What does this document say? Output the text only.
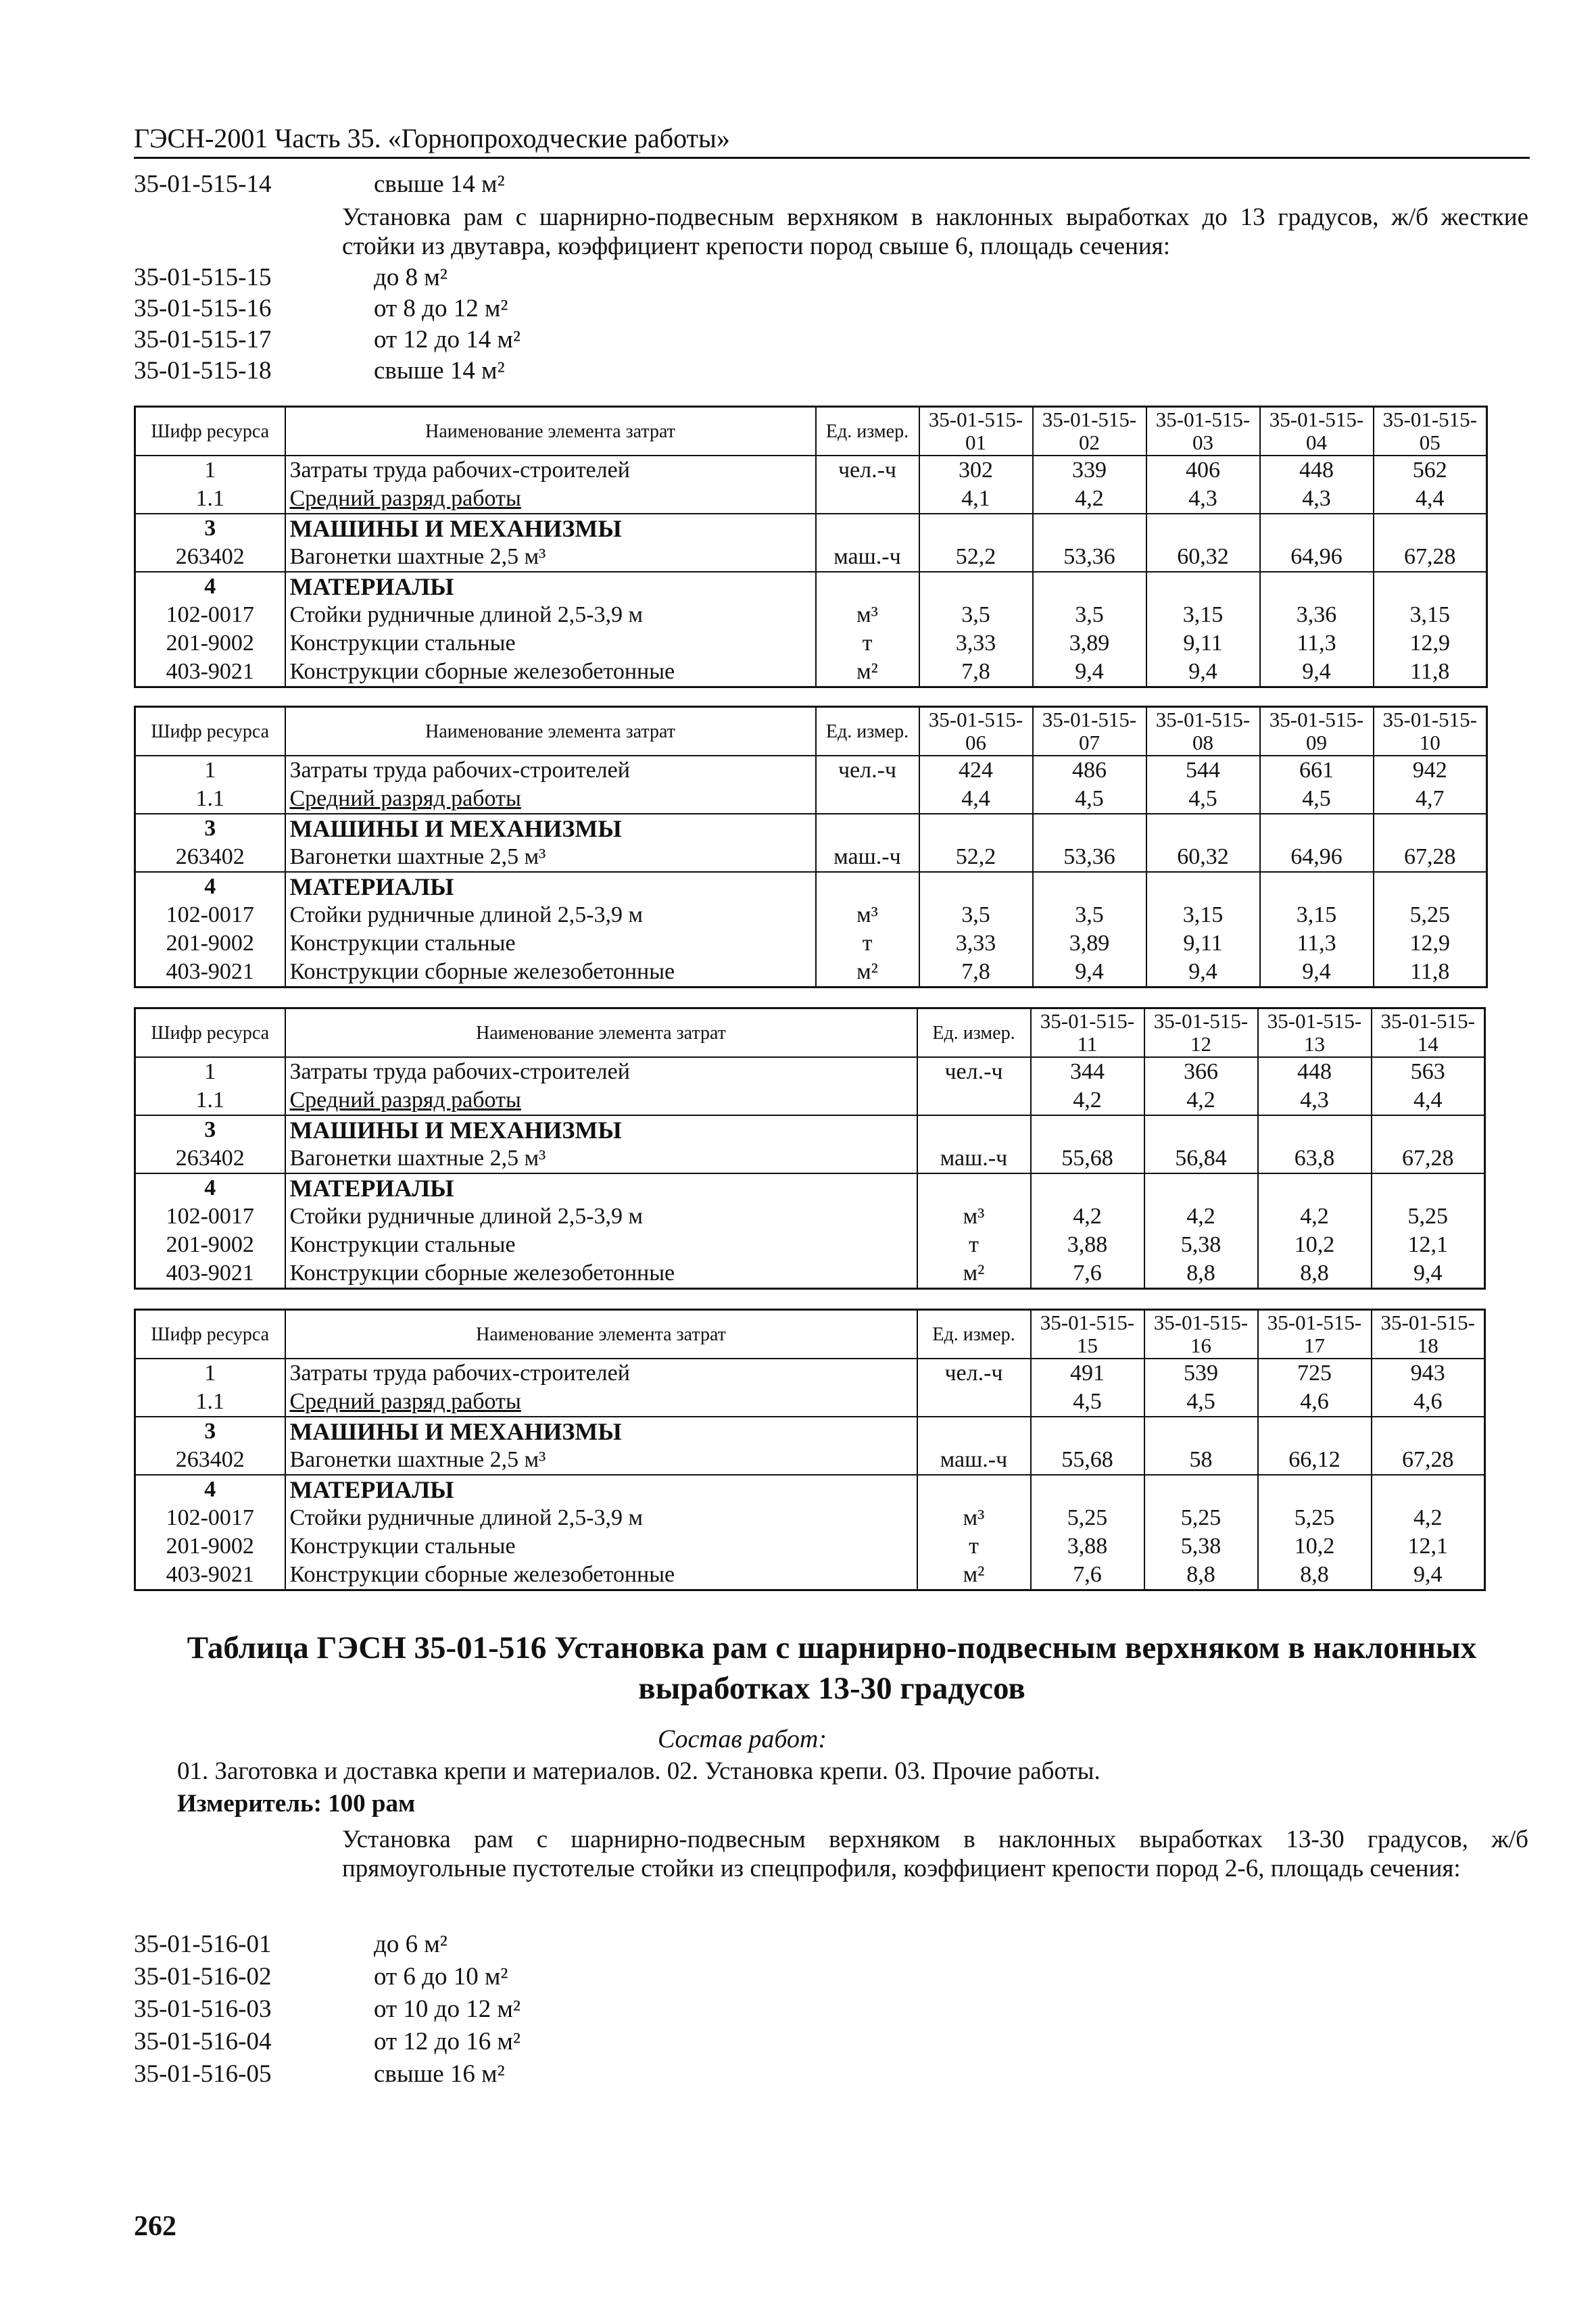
ГЭСН-2001 Часть 35. «Горнопроходческие работы»
35-01-515-14	свыше 14 м²
Установка рам с шарнирно-подвесным верхняком в наклонных выработках до 13 градусов, ж/б жесткие стойки из двутавра, коэффициент крепости пород свыше 6, площадь сечения:
35-01-515-15	до 8 м²
35-01-515-16	от 8 до 12 м²
35-01-515-17	от 12 до 14 м²
35-01-515-18	свыше 14 м²
Шифр ресурса	Наименование элемента затрат	Ед. измер.	35-01-515-01	35-01-515-02	35-01-515-03	35-01-515-04	35-01-515-05
1	Затраты труда рабочих-строителей	чел.-ч	302	339	406	448	562
1.1	Средний разряд работы		4,1	4,2	4,3	4,3	4,4
3	МАШИНЫ И МЕХАНИЗМЫ						
263402	Вагонетки шахтные 2,5 м³	маш.-ч	52,2	53,36	60,32	64,96	67,28
4	МАТЕРИАЛЫ						
102-0017	Стойки рудничные длиной 2,5-3,9 м	м³	3,5	3,5	3,15	3,36	3,15
201-9002	Конструкции стальные	т	3,33	3,89	9,11	11,3	12,9
403-9021	Конструкции сборные железобетонные	м²	7,8	9,4	9,4	9,4	11,8
Шифр ресурса	Наименование элемента затрат	Ед. измер.	35-01-515-06	35-01-515-07	35-01-515-08	35-01-515-09	35-01-515-10
1	Затраты труда рабочих-строителей	чел.-ч	424	486	544	661	942
1.1	Средний разряд работы		4,4	4,5	4,5	4,5	4,7
3	МАШИНЫ И МЕХАНИЗМЫ						
263402	Вагонетки шахтные 2,5 м³	маш.-ч	52,2	53,36	60,32	64,96	67,28
4	МАТЕРИАЛЫ						
102-0017	Стойки рудничные длиной 2,5-3,9 м	м³	3,5	3,5	3,15	3,15	5,25
201-9002	Конструкции стальные	т	3,33	3,89	9,11	11,3	12,9
403-9021	Конструкции сборные железобетонные	м²	7,8	9,4	9,4	9,4	11,8
Шифр ресурса	Наименование элемента затрат	Ед. измер.	35-01-515-11	35-01-515-12	35-01-515-13	35-01-515-14
1	Затраты труда рабочих-строителей	чел.-ч	344	366	448	563
1.1	Средний разряд работы		4,2	4,2	4,3	4,4
3	МАШИНЫ И МЕХАНИЗМЫ					
263402	Вагонетки шахтные 2,5 м³	маш.-ч	55,68	56,84	63,8	67,28
4	МАТЕРИАЛЫ					
102-0017	Стойки рудничные длиной 2,5-3,9 м	м³	4,2	4,2	4,2	5,25
201-9002	Конструкции стальные	т	3,88	5,38	10,2	12,1
403-9021	Конструкции сборные железобетонные	м²	7,6	8,8	8,8	9,4
Шифр ресурса	Наименование элемента затрат	Ед. измер.	35-01-515-15	35-01-515-16	35-01-515-17	35-01-515-18
1	Затраты труда рабочих-строителей	чел.-ч	491	539	725	943
1.1	Средний разряд работы		4,5	4,5	4,6	4,6
3	МАШИНЫ И МЕХАНИЗМЫ					
263402	Вагонетки шахтные 2,5 м³	маш.-ч	55,68	58	66,12	67,28
4	МАТЕРИАЛЫ					
102-0017	Стойки рудничные длиной 2,5-3,9 м	м³	5,25	5,25	5,25	4,2
201-9002	Конструкции стальные	т	3,88	5,38	10,2	12,1
403-9021	Конструкции сборные железобетонные	м²	7,6	8,8	8,8	9,4
Таблица ГЭСН 35-01-516 Установка рам с шарнирно-подвесным верхняком в наклонных выработках 13-30 градусов
Состав работ:
01. Заготовка и доставка крепи и материалов. 02. Установка крепи. 03. Прочие работы.
Измеритель: 100 рам
Установка рам с шарнирно-подвесным верхняком в наклонных выработках 13-30 градусов, ж/б прямоугольные пустотелые стойки из спецпрофиля, коэффициент крепости пород 2-6, площадь сечения:
35-01-516-01	до 6 м²
35-01-516-02	от 6 до 10 м²
35-01-516-03	от 10 до 12 м²
35-01-516-04	от 12 до 16 м²
35-01-516-05	свыше 16 м²
262
